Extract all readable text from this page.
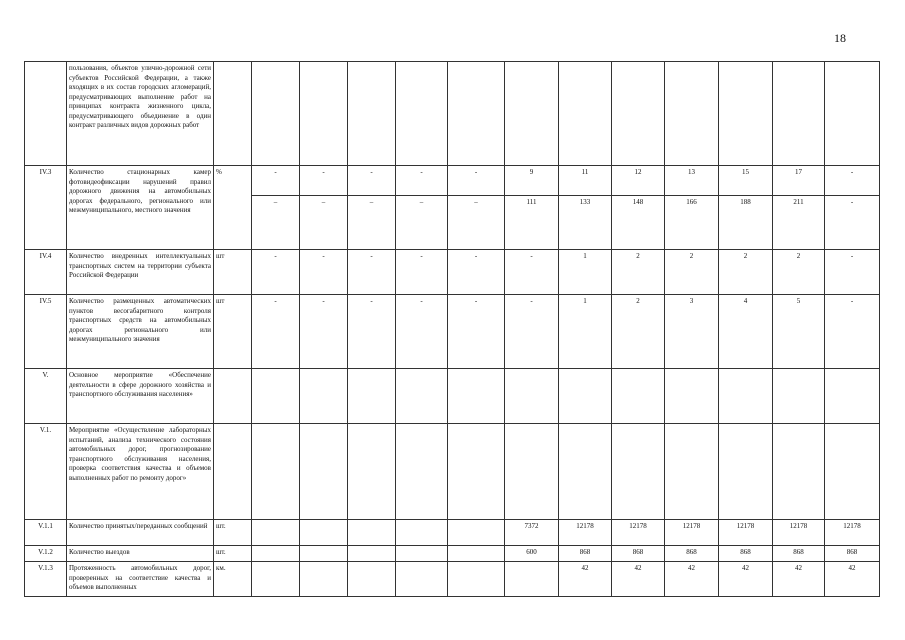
18
	пользования, объектов улично-дорожной сети субъектов Российской Федерации, а также входящих в их состав городских агломераций, предусматривающих выполнение работ на принципах контракта жизненного цикла, предусматривающего объединение в один контракт различных видов дорожных работ													
IV.3	Количество стационарных камер фотовидеофиксации нарушений правил дорожного движения на автомобильных дорогах федерального, регионального или межмуниципального, местного значения	%	-	-	-	-	-	9	11	12	13	15	17	-
			–	–	–	–	–	111	133	148	166	188	211	-
IV.4	Количество внедренных интеллектуальных транспортных систем на территории субъекта Российской Федерации	шт	-	-	-	-	-	-	1	2	2	2	2	-
IV.5	Количество размещенных автоматических пунктов весогабаритного контроля транспортных средств на автомобильных дорогах регионального или межмуниципального значения	шт	-	-	-	-	-	-	1	2	3	4	5	-
V.	Основное мероприятие «Обеспечение деятельности в сфере дорожного хозяйства и транспортного обслуживания населения»													
V.1.	Мероприятие «Осуществление лабораторных испытаний, анализа технического состояния автомобильных дорог, прогнозирование транспортного обслуживания населения, проверка соответствия качества и объемов выполненных работ по ремонту дорог»													
V.1.1	Количество принятых/переданных сообщений	шт.						7372	12178	12178	12178	12178	12178	12178
V.1.2	Количество выездов	шт.						600	868	868	868	868	868	868
V.1.3	Протяженность автомобильных дорог, проверенных на соответствие качества и объемов выполненных	км.							42	42	42	42	42	42
